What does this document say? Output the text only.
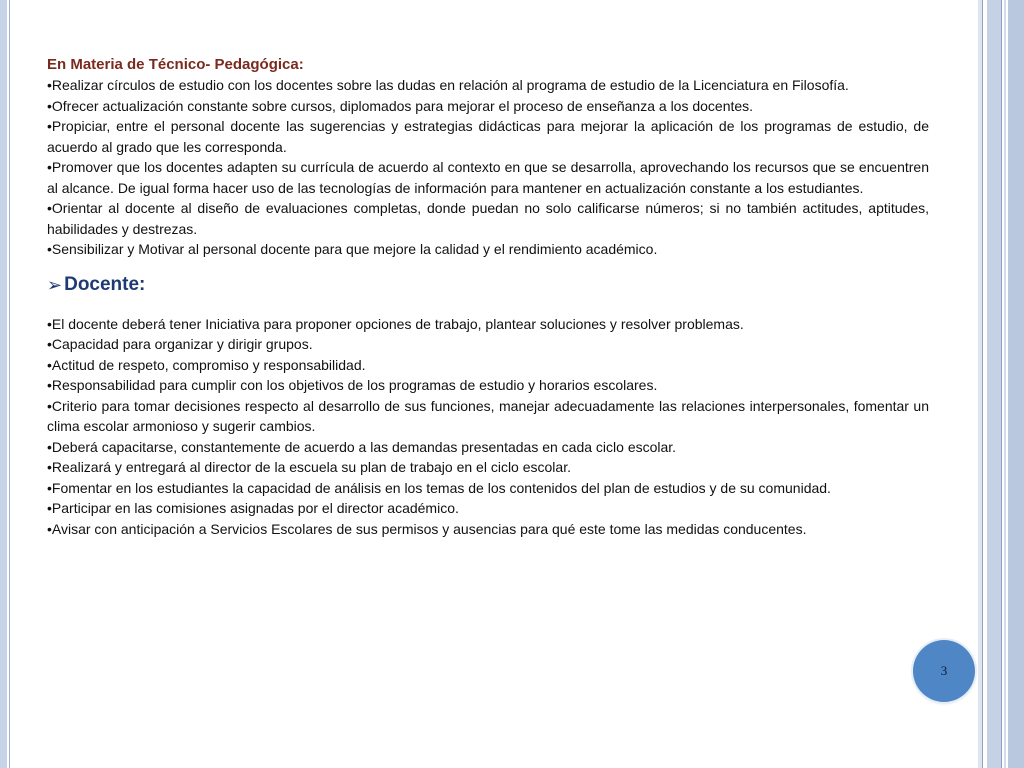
En Materia de Técnico- Pedagógica:

•Realizar círculos de estudio con los docentes sobre las dudas en relación al programa de estudio de la Licenciatura en Filosofía.

•Ofrecer actualización constante sobre cursos, diplomados para mejorar el proceso de enseñanza a los docentes.

•Propiciar, entre el personal docente las sugerencias y estrategias didácticas para mejorar la aplicación de los programas de estudio, de acuerdo al grado que les corresponda.

•Promover que los docentes adapten su currícula de acuerdo al contexto en que se desarrolla, aprovechando los recursos que se encuentren al alcance. De igual forma hacer uso de las tecnologías de información para mantener en actualización constante a los estudiantes.

•Orientar al docente al diseño de evaluaciones completas, donde puedan no solo calificarse números; si no también actitudes, aptitudes, habilidades y destrezas.

•Sensibilizar y Motivar al personal docente para que mejore la calidad y el rendimiento académico.

➢ Docente:

•El docente deberá tener Iniciativa para proponer opciones de trabajo, plantear soluciones y resolver problemas.

•Capacidad para organizar y dirigir grupos.

•Actitud de respeto, compromiso y responsabilidad.

•Responsabilidad para cumplir con los objetivos de los programas de estudio y horarios escolares.

•Criterio para tomar decisiones respecto al desarrollo de sus funciones, manejar adecuadamente las relaciones interpersonales, fomentar un clima escolar armonioso y sugerir cambios.

•Deberá capacitarse, constantemente de acuerdo a las demandas presentadas en cada ciclo escolar.

•Realizará y entregará al director de la escuela su plan de trabajo en el ciclo escolar.

•Fomentar en los estudiantes la capacidad de análisis en los temas de los contenidos del plan de estudios y de su comunidad.

•Participar en las comisiones asignadas por el director académico.

•Avisar con anticipación a Servicios Escolares de sus permisos y ausencias para qué este tome las medidas conducentes.

3
